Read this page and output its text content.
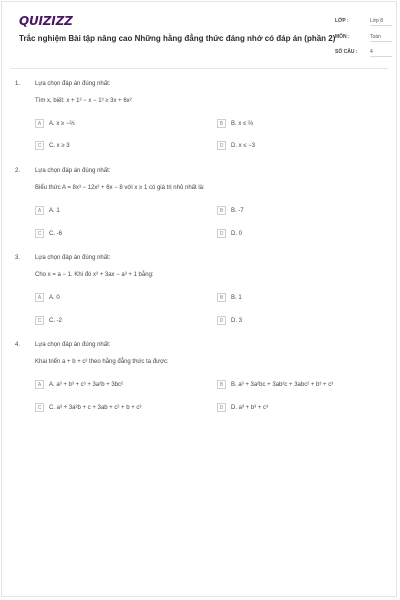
QUIZIZZ
Trắc nghiệm Bài tập nâng cao Những hằng đẳng thức đáng nhớ có đáp án (phần 2)
LỚP :	Lớp 8
MÔN :	Toán
SỐ CÂU :	4
1. Lựa chọn đáp án đúng nhất:
Tìm x, biết: x + 1³ − x − 1³ ≥ 3x + 6x²
A	A. x ≥ −⅔	B	B. x ≤ ⅔
C	C. x ≥ 3	D	D. x ≤ −3
2. Lựa chọn đáp án đúng nhất:
Biểu thức A = 8x³ − 12x² + 6x − 8 với x ≥ 1 có giá trị nhỏ nhất là:
A	A. 1	B	B. -7
C	C. -6	D	D. 0
3. Lựa chọn đáp án đúng nhất:
Cho x = a − 1. Khi đó x³ + 3ax − a³ + 1 bằng:
A	A. 0	B	B. 1
C	C. -2	D	D. 3
4. Lựa chọn đáp án đúng nhất:
Khai triển a + b + c² theo hằng đẳng thức ta được:
A	A. a³ + b³ + c³ + 3a²b + 3bc²	B	B. a³ + 3a²bc + 3ab²c + 3abc² + b³ + c³
C	C. a³ + 3a²b + c + 3ab + c² + b + c³	D	D. a³ + b³ + c³
